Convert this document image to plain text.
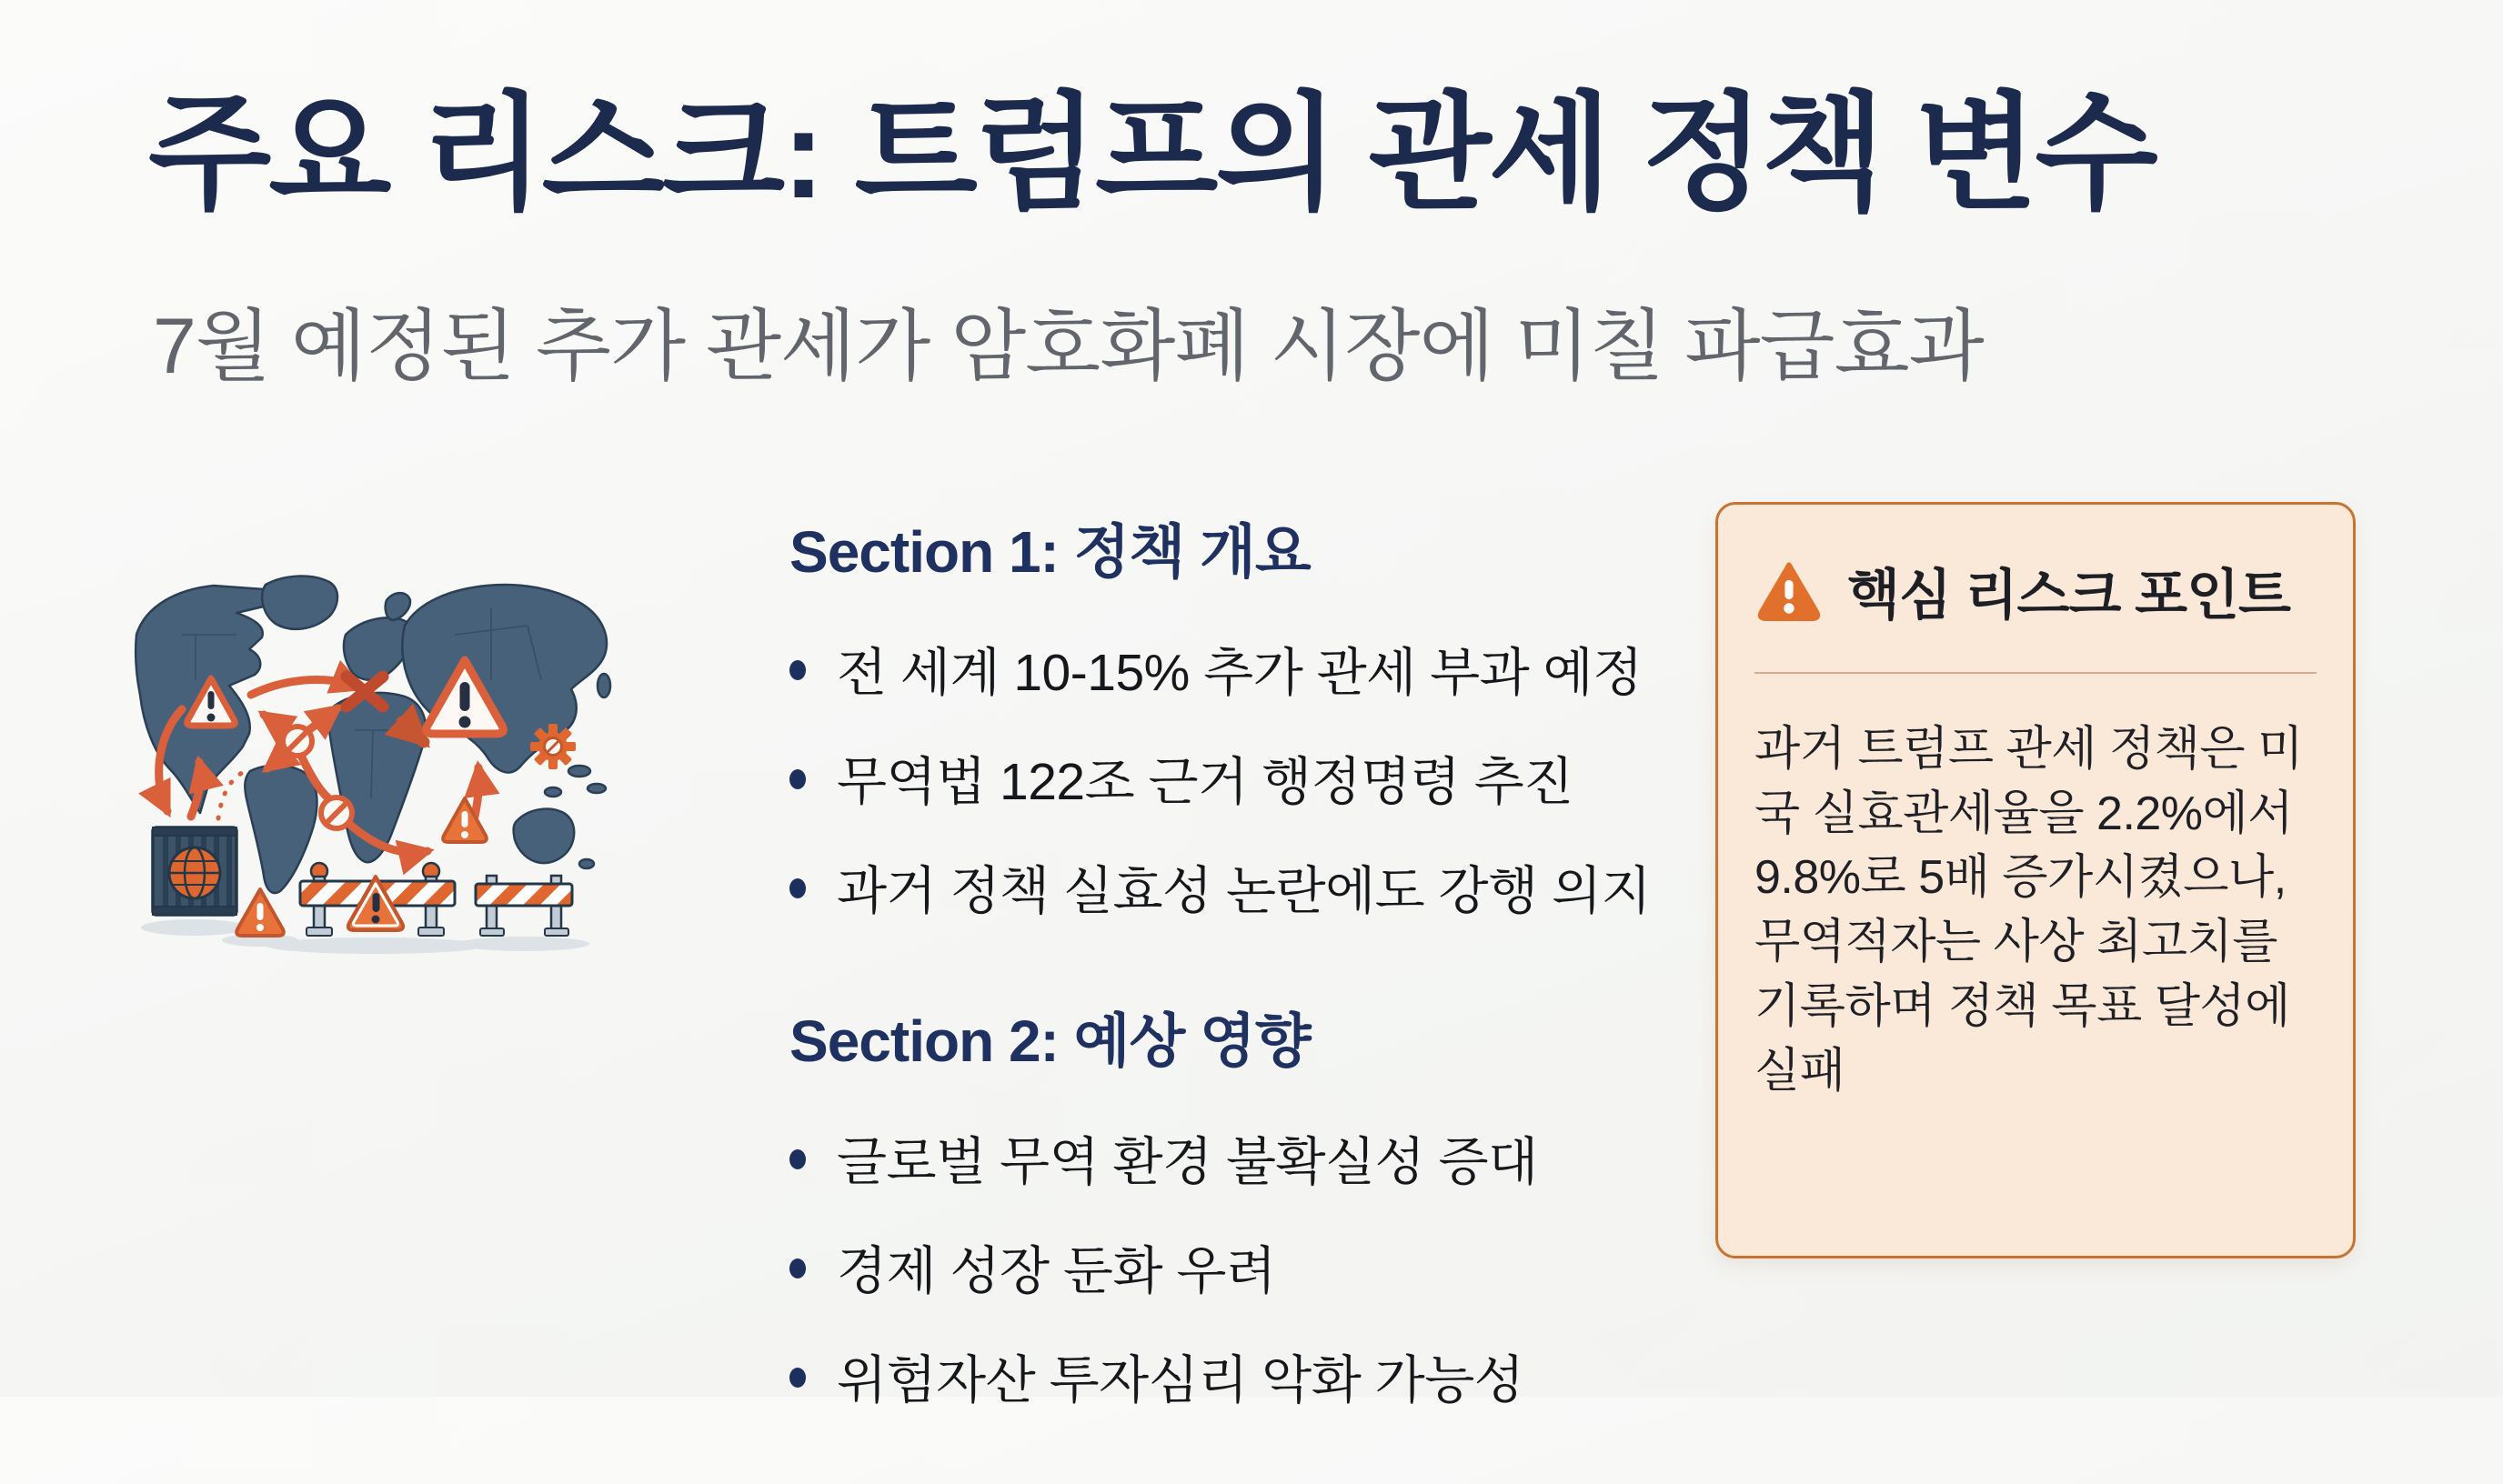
주요 리스크: 트럼프의 관세 정책 변수

7월 예정된 추가 관세가 암호화폐 시장에 미칠 파급효과

Section 1: 정책 개요
전 세계 10-15% 추가 관세 부과 예정
무역법 122조 근거 행정명령 추진
과거 정책 실효성 논란에도 강행 의지
Section 2: 예상 영향
글로벌 무역 환경 불확실성 증대
경제 성장 둔화 우려
위험자산 투자심리 악화 가능성
핵심 리스크 포인트

과거 트럼프 관세 정책은 미국 실효관세율을 2.2%에서 9.8%로 5배 증가시켰으나, 무역적자는 사상 최고치를 기록하며 정책 목표 달성에 실패
